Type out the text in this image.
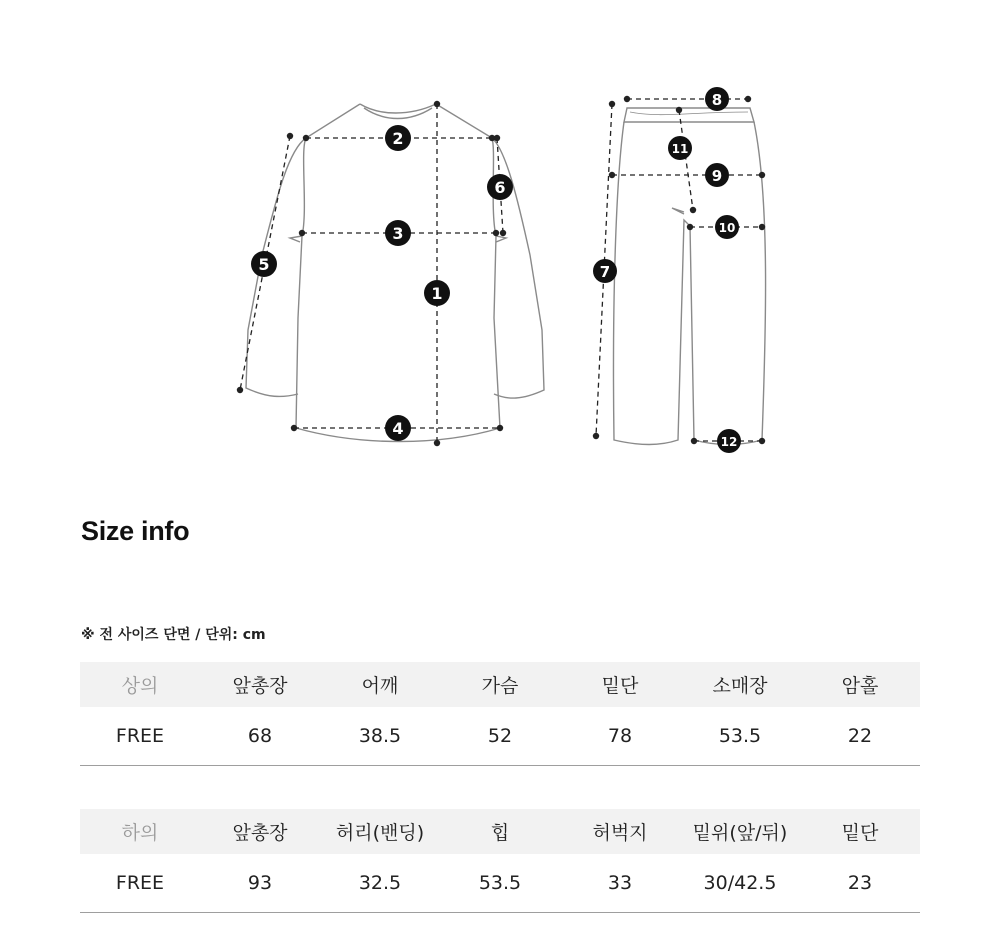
1
2
3
4
5
6
7
8
9
10
11
12
Size info
※ 전 사이즈 단면 / 단위: cm
상의	앞총장	어깨	가슴	밑단	소매장	암홀
FREE	68	38.5	52	78	53.5	22
하의	앞총장	허리(밴딩)	힙	허벅지	밑위(앞/뒤)	밑단
FREE	93	32.5	53.5	33	30/42.5	23
